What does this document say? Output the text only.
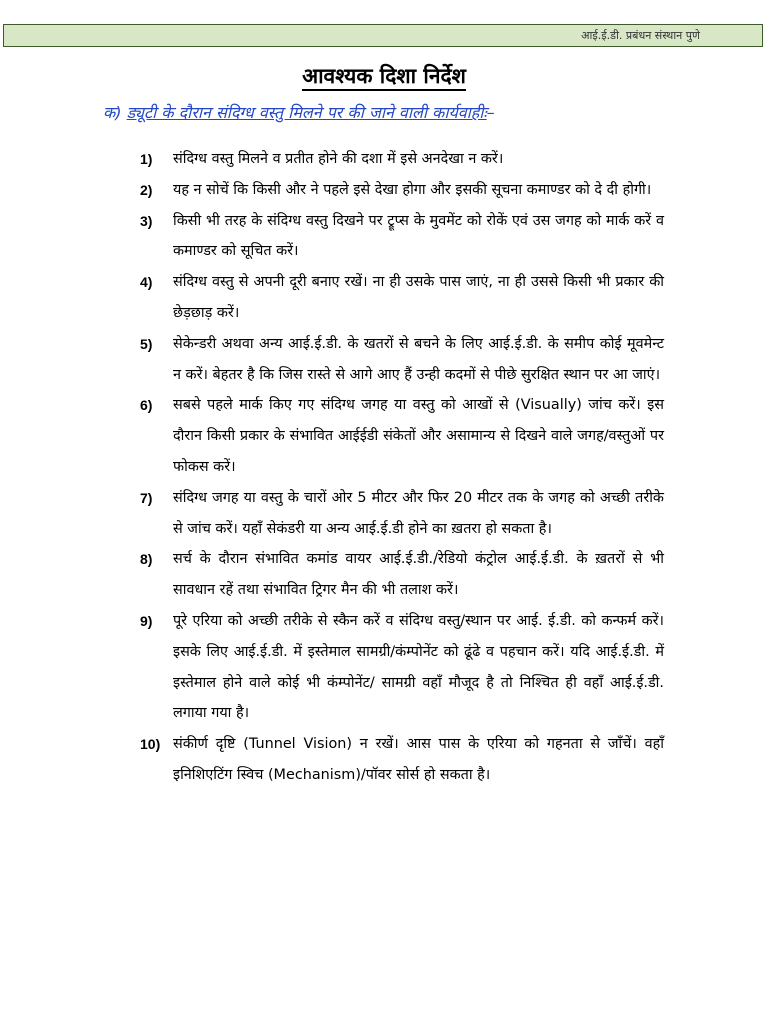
आई.ई.डी. प्रबंधन संस्थान पुणे
आवश्यक दिशा निर्देश
क) ड्यूटी के दौरान संदिग्ध वस्तु मिलने पर की जाने वाली कार्यवाहीः–
1) संदिग्ध वस्तु मिलने व प्रतीत होने की दशा में इसे अनदेखा न करें।
2) यह न सोचें कि किसी और ने पहले इसे देखा होगा और इसकी सूचना कमाण्डर को दे दी होगी।
3) किसी भी तरह के संदिग्ध वस्तु दिखने पर ट्रूप्स के मुवमेंट को रोकें एवं उस जगह को मार्क करें व कमाण्डर को सूचित करें।
4) संदिग्ध वस्तु से अपनी दूरी बनाए रखें। ना ही उसके पास जाएं, ना ही उससे किसी भी प्रकार की छेड़छाड़ करें।
5) सेकेन्डरी अथवा अन्य आई.ई.डी. के खतरों से बचने के लिए आई.ई.डी. के समीप कोई मूवमेन्ट न करें। बेहतर है कि जिस रास्ते से आगे आए हैं उन्ही कदमों से पीछे सुरक्षित स्थान पर आ जाएं।
6) सबसे पहले मार्क किए गए संदिग्ध जगह या वस्तु को आखों से (Visually) जांच करें। इस दौरान किसी प्रकार के संभावित आईईडी संकेतों और असामान्य से दिखने वाले जगह/वस्तुओं पर फोकस करें।
7) संदिग्ध जगह या वस्तु के चारों ओर 5 मीटर और फिर 20 मीटर तक के जगह को अच्छी तरीके से जांच करें। यहाँ सेकंडरी या अन्य आई.ई.डी होने का ख़तरा हो सकता है।
8) सर्च के दौरान संभावित कमांड वायर आई.ई.डी./रेडियो कंट्रोल आई.ई.डी. के ख़तरों से भी सावधान रहें तथा संभावित ट्रिगर मैन की भी तलाश करें।
9) पूरे एरिया को अच्छी तरीके से स्कैन करें व संदिग्ध वस्तु/स्थान पर आई. ई.डी. को कन्फर्म करें। इसके लिए आई.ई.डी. में इस्तेमाल सामग्री/कंम्पोनेंट को ढूंढे व पहचान करें। यदि आई.ई.डी. में इस्तेमाल होने वाले कोई भी कंम्पोनेंट/ सामग्री वहाँ मौजूद है तो निश्चित ही वहाँ आई.ई.डी. लगाया गया है।
10) संकीर्ण दृष्टि (Tunnel Vision) न रखें। आस पास के एरिया को गहनता से जाँचें। वहाँ इनिशिएटिंग स्विच (Mechanism)/पॉवर सोर्स हो सकता है।
